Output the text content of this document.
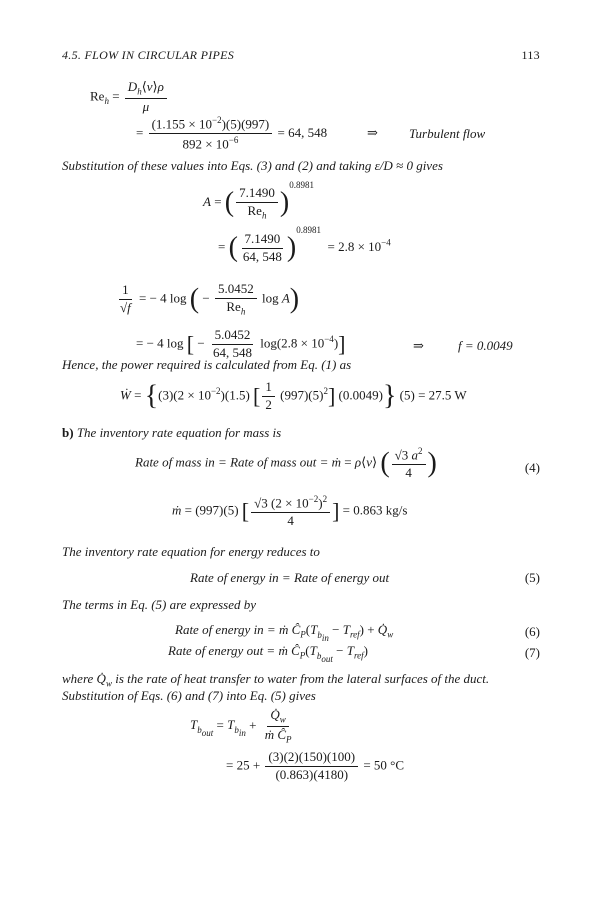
4.5. FLOW IN CIRCULAR PIPES	113
$Re_h = \frac{D_h⟨v⟩\rho}{\mu}$
= $\frac{(1.155 \times 10^{-2})(5)(997)}{892 \times 10^{-6}} = 64$, 548	⇒ Turbulent flow
Substitution of these values into Eqs. (3) and (2) and taking ε/D ≈ 0 gives
A = ( $\frac{7.1490}{Re_h} )^{0.8981}$
= ( $\frac{7.1490}{64, 548} )^{0.8981} = 2.8 \times 10^{-4}$
$\frac{1}{√f}$ = − 4 log ( − $\frac{5.0452}{Re_h}$ log A)
= − 4 log [ − $\frac{5.0452}{64, 548} \log(2.8 \times 10^{-4})$]	⇒	f = 0.0049
Hence, the power required is calculated from Eq. (1) as
Ẇ = {$(3)(2 \times 10^{-2})(1.5)$ [ $\frac{1}{2} (997)(5)^2$] (0.0049)} (5) = 27.5 W
b) The inventory rate equation for mass is
Rate of mass in = Rate of mass out = ṁ = ρ⟨v⟩ ( $\frac{√3 a^2}{4}$ )	(4)
ṁ = (997)(5) [ $\frac{√3 (2 \times 10^{-2})^2}{4}$ ] = 0.863 kg/s
The inventory rate equation for energy reduces to
Rate of energy in = Rate of energy out	(5)
The terms in Eq. (5) are expressed by
Rate of energy in = ṁ $Ĉ_P(T_{b_{in}} - T_{ref})$ + $Q̇_w$	(6)
Rate of energy out = ṁ $Ĉ_P(T_{b_{out}} - T_{ref})$	(7)
where $Q̇_w$ is the rate of heat transfer to water from the lateral surfaces of the duct.
Substitution of Eqs. (6) and (7) into Eq. (5) gives
$T_{b_{out}} = T_{b_{in}} + \frac{Q̇_w}{ṁ Ĉ_P}$
= $25 + \frac{(3)(2)(150)(100)}{(0.863)(4180)} = 50$ °C
